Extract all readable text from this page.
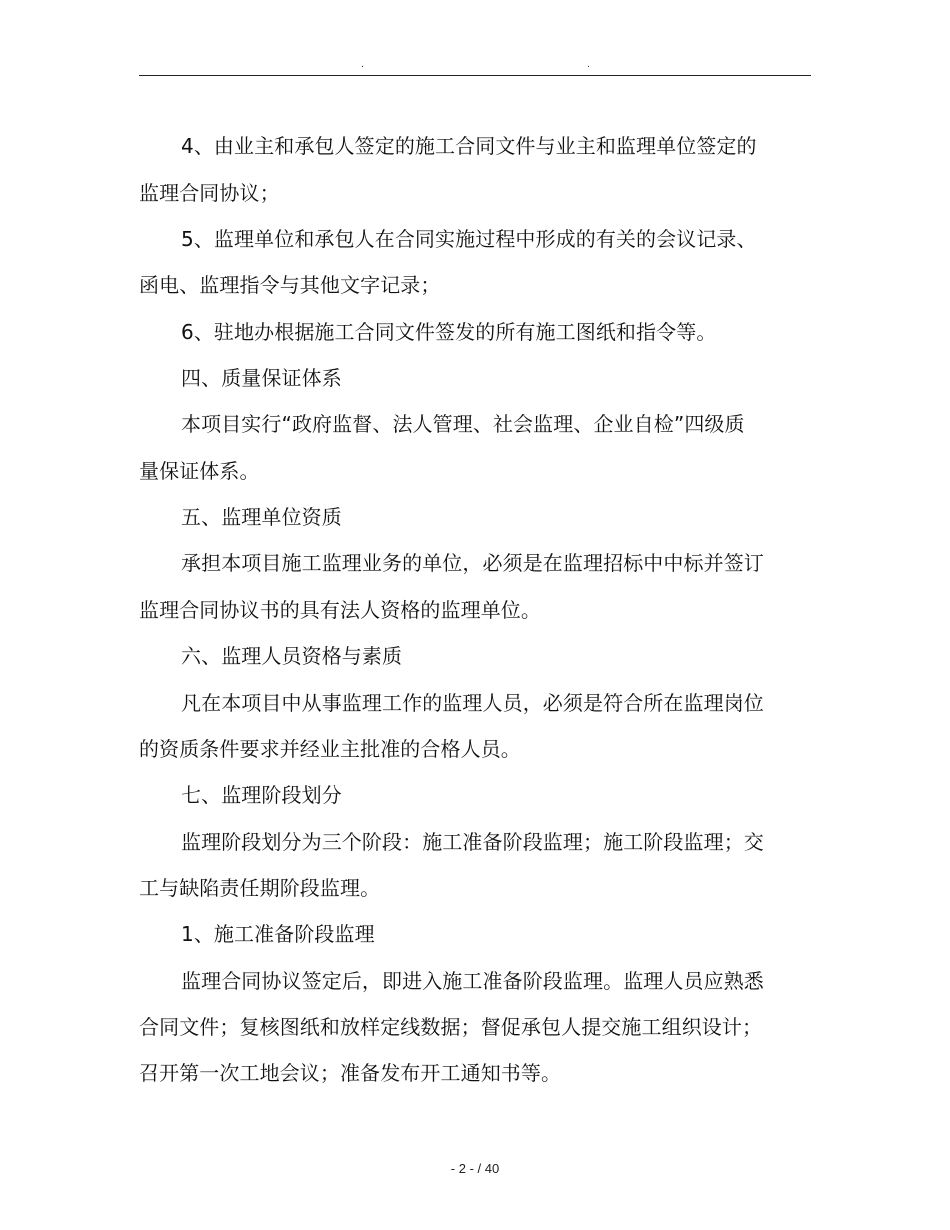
.	.
4、由业主和承包人签定的施工合同文件与业主和监理单位签定的
监理合同协议；
5、监理单位和承包人在合同实施过程中形成的有关的会议记录、
函电、监理指令与其他文字记录；
6、驻地办根据施工合同文件签发的所有施工图纸和指令等。
四、质量保证体系
本项目实行“政府监督、法人管理、社会监理、企业自检”四级质
量保证体系。
五、监理单位资质
承担本项目施工监理业务的单位，必须是在监理招标中中标并签订
监理合同协议书的具有法人资格的监理单位。
六、监理人员资格与素质
凡在本项目中从事监理工作的监理人员，必须是符合所在监理岗位
的资质条件要求并经业主批准的合格人员。
七、监理阶段划分
监理阶段划分为三个阶段：施工准备阶段监理；施工阶段监理；交
工与缺陷责任期阶段监理。
1、施工准备阶段监理
监理合同协议签定后，即进入施工准备阶段监理。监理人员应熟悉
合同文件；复核图纸和放样定线数据；督促承包人提交施工组织设计；
召开第一次工地会议；准备发布开工通知书等。
- 2 - / 40
